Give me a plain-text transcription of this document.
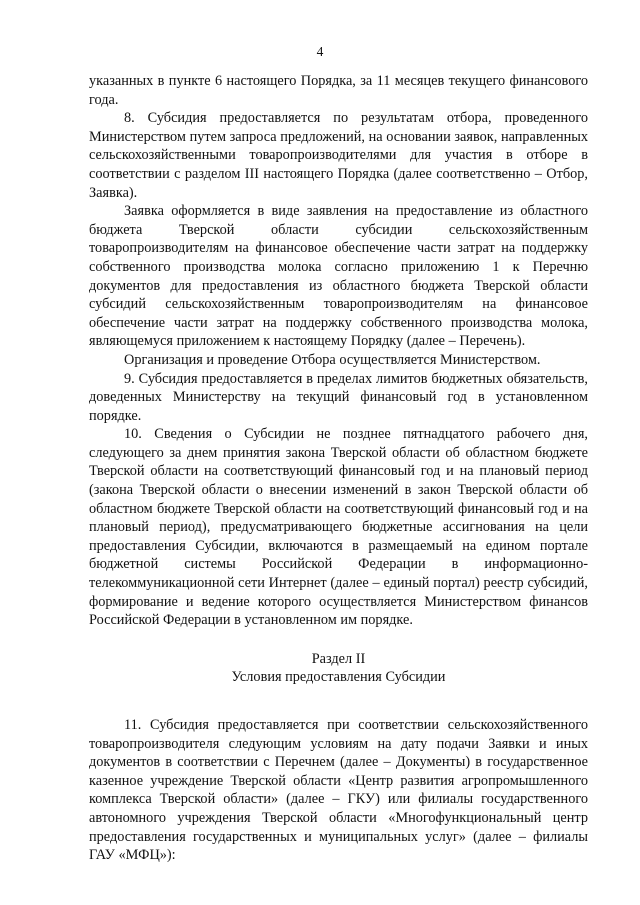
4

указанных в пункте 6 настоящего Порядка, за 11 месяцев текущего финансового года.

8. Субсидия предоставляется по результатам отбора, проведенного Министерством путем запроса предложений, на основании заявок, направленных сельскохозяйственными товаропроизводителями для участия в отборе в соответствии с разделом III настоящего Порядка (далее соответственно – Отбор, Заявка).

Заявка оформляется в виде заявления на предоставление из областного бюджета Тверской области субсидии сельскохозяйственным товаропроизводителям на финансовое обеспечение части затрат на поддержку собственного производства молока согласно приложению 1 к Перечню документов для предоставления из областного бюджета Тверской области субсидий сельскохозяйственным товаропроизводителям на финансовое обеспечение части затрат на поддержку собственного производства молока, являющемуся приложением к настоящему Порядку (далее – Перечень).

Организация и проведение Отбора осуществляется Министерством.

9. Субсидия предоставляется в пределах лимитов бюджетных обязательств, доведенных Министерству на текущий финансовый год в установленном порядке.

10. Сведения о Субсидии не позднее пятнадцатого рабочего дня, следующего за днем принятия закона Тверской области об областном бюджете Тверской области на соответствующий финансовый год и на плановый период (закона Тверской области о внесении изменений в закон Тверской области об областном бюджете Тверской области на соответствующий финансовый год и на плановый период), предусматривающего бюджетные ассигнования на цели предоставления Субсидии, включаются в размещаемый на едином портале бюджетной системы Российской Федерации в информационно-телекоммуникационной сети Интернет (далее – единый портал) реестр субсидий, формирование и ведение которого осуществляется Министерством финансов Российской Федерации в установленном им порядке.

Раздел II
Условия предоставления Субсидии

11. Субсидия предоставляется при соответствии сельскохозяйственного товаропроизводителя следующим условиям на дату подачи Заявки и иных документов в соответствии с Перечнем (далее – Документы) в государственное казенное учреждение Тверской области «Центр развития агропромышленного комплекса Тверской области» (далее – ГКУ) или филиалы государственного автономного учреждения Тверской области «Многофункциональный центр предоставления государственных и муниципальных услуг» (далее – филиалы ГАУ «МФЦ»):
